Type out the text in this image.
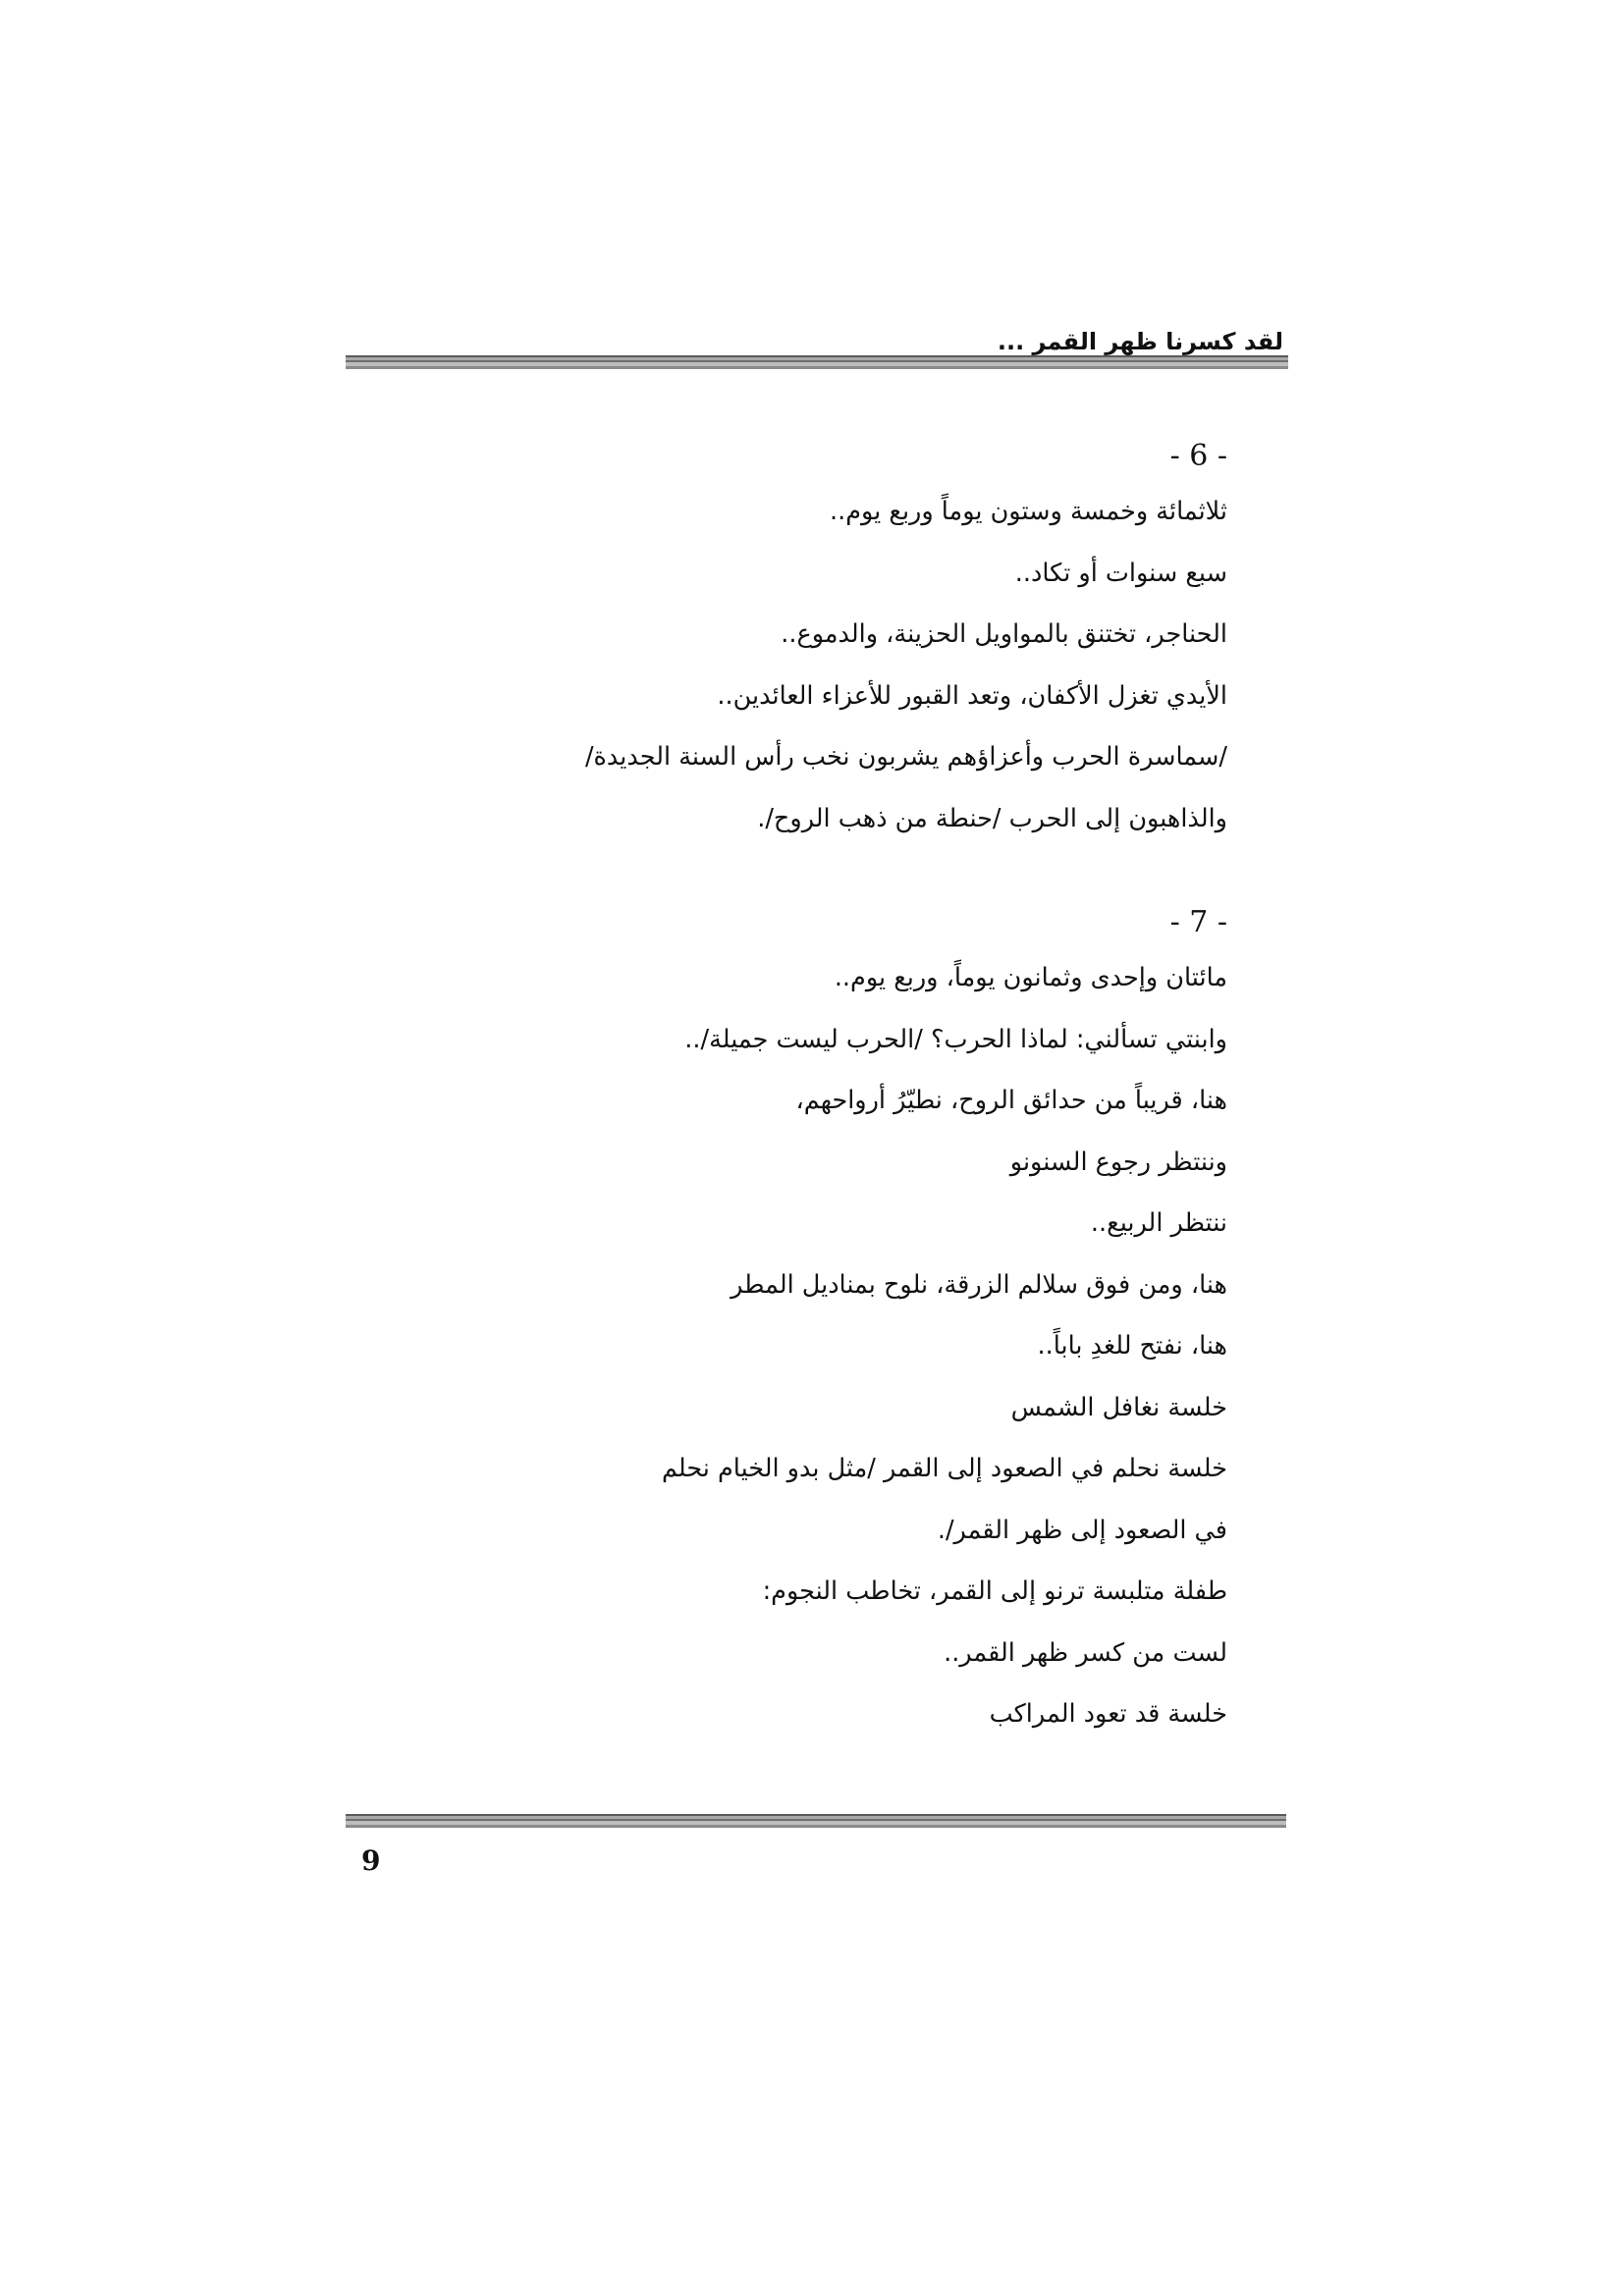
لقد كسرنا ظهر القمر ...
- 6 -
ثلاثمائة وخمسة وستون يوماً وربع يوم..
سبع سنوات أو تكاد..
الحناجر، تختنق بالمواويل الحزينة، والدموع..
الأيدي تغزل الأكفان، وتعد القبور للأعزاء العائدين..
/سماسرة الحرب وأعزاؤهم يشربون نخب رأس السنة الجديدة/
والذاهبون إلى الحرب /حنطة من ذهب الروح/.
- 7 -
مائتان وإحدى وثمانون يوماً، وربع يوم..
وابنتي تسألني: لماذا الحرب؟ /الحرب ليست جميلة/..
هنا، قريباً من حدائق الروح، نطيّرُ أرواحهم،
وننتظر رجوع السنونو
ننتظر الربيع..
هنا، ومن فوق سلالم الزرقة، نلوح بمناديل المطر
هنا، نفتح للغدِ باباً..
خلسة نغافل الشمس
خلسة نحلم في الصعود إلى القمر /مثل بدو الخيام نحلم
في الصعود إلى ظهر القمر/.
طفلة متلبسة ترنو إلى القمر، تخاطب النجوم:
لست من كسر ظهر القمر..
خلسة قد تعود المراكب
9
